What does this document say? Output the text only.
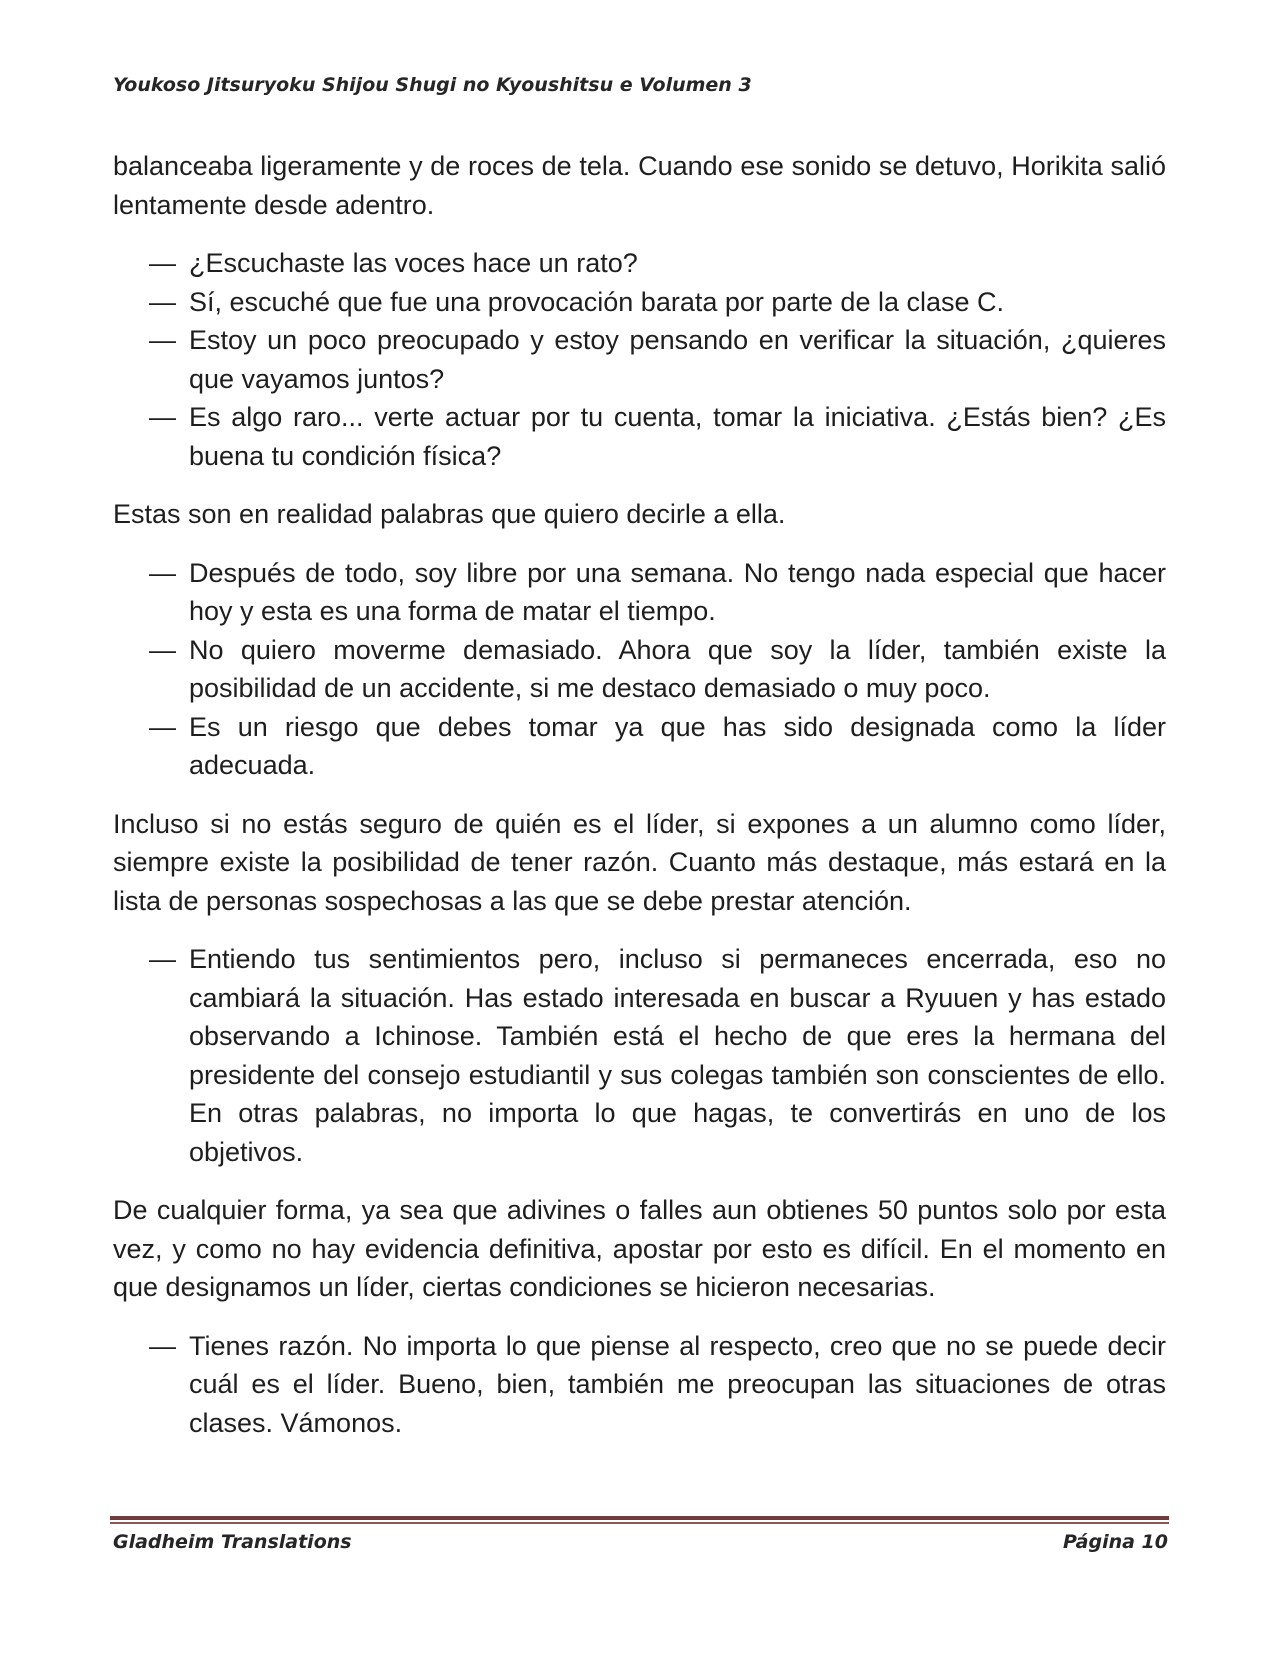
Youkoso Jitsuryoku Shijou Shugi no Kyoushitsu e Volumen 3

balanceaba ligeramente y de roces de tela. Cuando ese sonido se detuvo, Horikita salió lentamente desde adentro.

— ¿Escuchaste las voces hace un rato?
— Sí, escuché que fue una provocación barata por parte de la clase C.
— Estoy un poco preocupado y estoy pensando en verificar la situación, ¿quieres que vayamos juntos?
— Es algo raro... verte actuar por tu cuenta, tomar la iniciativa. ¿Estás bien? ¿Es buena tu condición física?

Estas son en realidad palabras que quiero decirle a ella.

— Después de todo, soy libre por una semana. No tengo nada especial que hacer hoy y esta es una forma de matar el tiempo.
— No quiero moverme demasiado. Ahora que soy la líder, también existe la posibilidad de un accidente, si me destaco demasiado o muy poco.
— Es un riesgo que debes tomar ya que has sido designada como la líder adecuada.

Incluso si no estás seguro de quién es el líder, si expones a un alumno como líder, siempre existe la posibilidad de tener razón. Cuanto más destaque, más estará en la lista de personas sospechosas a las que se debe prestar atención.

— Entiendo tus sentimientos pero, incluso si permaneces encerrada, eso no cambiará la situación. Has estado interesada en buscar a Ryuuen y has estado observando a Ichinose. También está el hecho de que eres la hermana del presidente del consejo estudiantil y sus colegas también son conscientes de ello. En otras palabras, no importa lo que hagas, te convertirás en uno de los objetivos.

De cualquier forma, ya sea que adivines o falles aun obtienes 50 puntos solo por esta vez, y como no hay evidencia definitiva, apostar por esto es difícil. En el momento en que designamos un líder, ciertas condiciones se hicieron necesarias.

— Tienes razón. No importa lo que piense al respecto, creo que no se puede decir cuál es el líder. Bueno, bien, también me preocupan las situaciones de otras clases. Vámonos.
Gladheim Translations	Página 10
